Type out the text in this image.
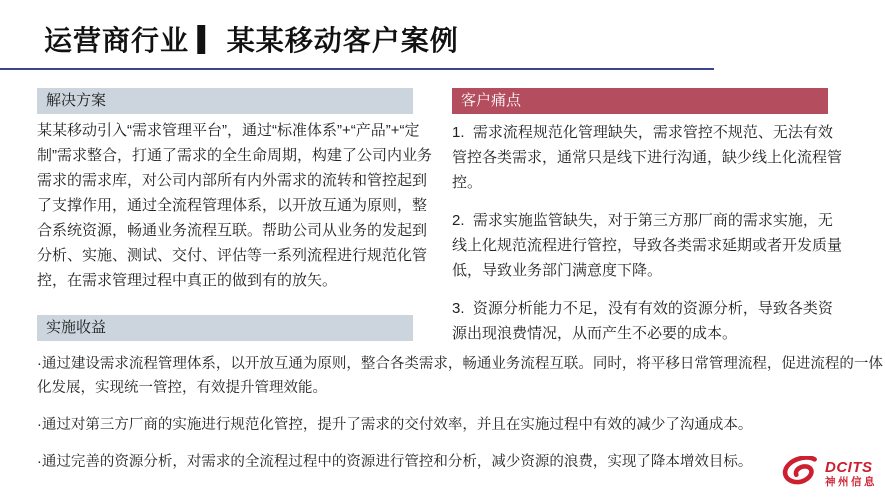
运营商行业 ▎某某移动客户案例
解决方案
某某移动引入“需求管理平台”，通过“标准体系”+“产品”+“定制”需求整合，打通了需求的全生命周期，构建了公司内业务需求的需求库，对公司内部所有内外需求的流转和管控起到了支撑作用，通过全流程管理体系，以开放互通为原则，整合系统资源，畅通业务流程互联。帮助公司从业务的发起到分析、实施、测试、交付、评估等一系列流程进行规范化管控，在需求管理过程中真正的做到有的放矢。
客户痛点
1.  需求流程规范化管理缺失，需求管控不规范、无法有效管控各类需求，通常只是线下进行沟通，缺少线上化流程管控。
2.  需求实施监管缺失，对于第三方那厂商的需求实施，无线上化规范流程进行管控，导致各类需求延期或者开发质量低，导致业务部门满意度下降。
3.  资源分析能力不足，没有有效的资源分析，导致各类资源出现浪费情况，从而产生不必要的成本。
实施收益
·通过建设需求流程管理体系，以开放互通为原则，整合各类需求，畅通业务流程互联。同时，将平移日常管理流程，促进流程的一体化发展，实现统一管控，有效提升管理效能。
·通过对第三方厂商的实施进行规范化管控，提升了需求的交付效率，并且在实施过程中有效的减少了沟通成本。
·通过完善的资源分析，对需求的全流程过程中的资源进行管控和分析，减少资源的浪费，实现了降本增效目标。	DCITS
神州信息
